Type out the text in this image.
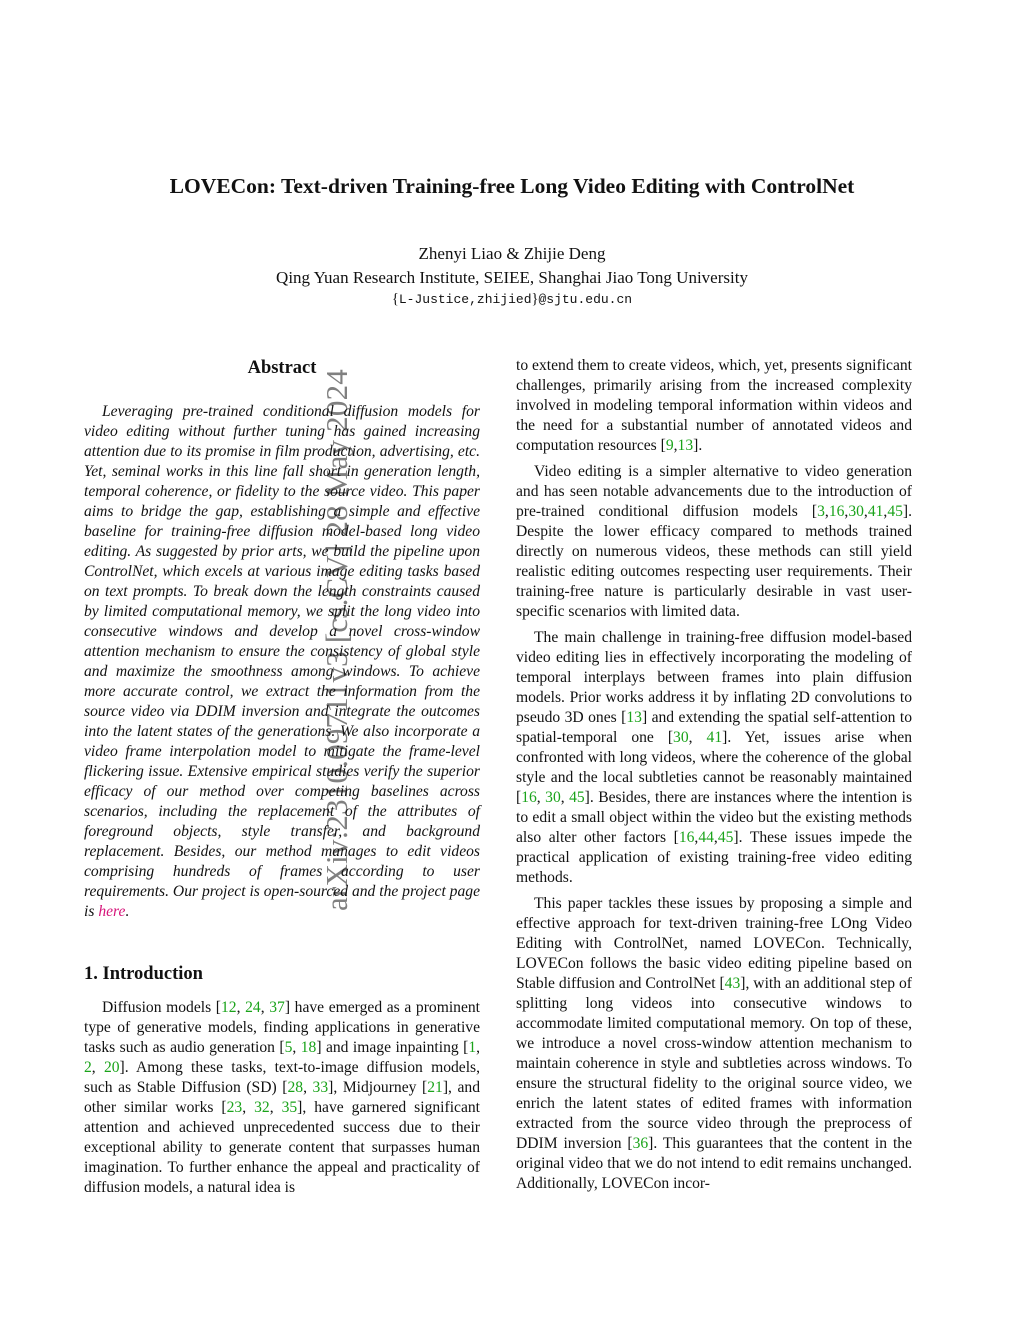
LOVECon: Text-driven Training-free Long Video Editing with ControlNet
Zhenyi Liao & Zhijie Deng
Qing Yuan Research Institute, SEIEE, Shanghai Jiao Tong University
{L-Justice,zhijied}@sjtu.edu.cn
arXiv:2310.09711v3 [cs.CV] 28 May 2024
Abstract

Leveraging pre-trained conditional diffusion models for video editing without further tuning has gained increasing attention due to its promise in film production, advertising, etc. Yet, seminal works in this line fall short in generation length, temporal coherence, or fidelity to the source video. This paper aims to bridge the gap, establishing a simple and effective baseline for training-free diffusion model-based long video editing. As suggested by prior arts, we build the pipeline upon ControlNet, which excels at various image editing tasks based on text prompts. To break down the length constraints caused by limited computational memory, we split the long video into consecutive windows and develop a novel cross-window attention mechanism to ensure the consistency of global style and maximize the smoothness among windows. To achieve more accurate control, we extract the information from the source video via DDIM inversion and integrate the outcomes into the latent states of the generations. We also incorporate a video frame interpolation model to mitigate the frame-level flickering issue. Extensive empirical studies verify the superior efficacy of our method over competing baselines across scenarios, including the replacement of the attributes of foreground objects, style transfer, and background replacement. Besides, our method manages to edit videos comprising hundreds of frames according to user requirements. Our project is open-sourced and the project page is here.

1. Introduction

Diffusion models [12, 24, 37] have emerged as a prominent type of generative models, finding applications in generative tasks such as audio generation [5, 18] and image inpainting [1, 2, 20]. Among these tasks, text-to-image diffusion models, such as Stable Diffusion (SD) [28, 33], Midjourney [21], and other similar works [23, 32, 35], have garnered significant attention and achieved unprecedented success due to their exceptional ability to generate content that surpasses human imagination. To further enhance the appeal and practicality of diffusion models, a natural idea is

to extend them to create videos, which, yet, presents significant challenges, primarily arising from the increased complexity involved in modeling temporal information within videos and the need for a substantial number of annotated videos and computation resources [9,13].

Video editing is a simpler alternative to video generation and has seen notable advancements due to the introduction of pre-trained conditional diffusion models [3,16,30,41,45]. Despite the lower efficacy compared to methods trained directly on numerous videos, these methods can still yield realistic editing outcomes respecting user requirements. Their training-free nature is particularly desirable in vast user-specific scenarios with limited data.

The main challenge in training-free diffusion model-based video editing lies in effectively incorporating the modeling of temporal interplays between frames into plain diffusion models. Prior works address it by inflating 2D convolutions to pseudo 3D ones [13] and extending the spatial self-attention to spatial-temporal one [30, 41]. Yet, issues arise when confronted with long videos, where the coherence of the global style and the local subtleties cannot be reasonably maintained [16, 30, 45]. Besides, there are instances where the intention is to edit a small object within the video but the existing methods also alter other factors [16,44,45]. These issues impede the practical application of existing training-free video editing methods.

This paper tackles these issues by proposing a simple and effective approach for text-driven training-free LOng Video Editing with ControlNet, named LOVECon. Technically, LOVECon follows the basic video editing pipeline based on Stable diffusion and ControlNet [43], with an additional step of splitting long videos into consecutive windows to accommodate limited computational memory. On top of these, we introduce a novel cross-window attention mechanism to maintain coherence in style and subtleties across windows. To ensure the structural fidelity to the original source video, we enrich the latent states of edited frames with information extracted from the source video through the preprocess of DDIM inversion [36]. This guarantees that the content in the original video that we do not intend to edit remains unchanged. Additionally, LOVECon incor-
